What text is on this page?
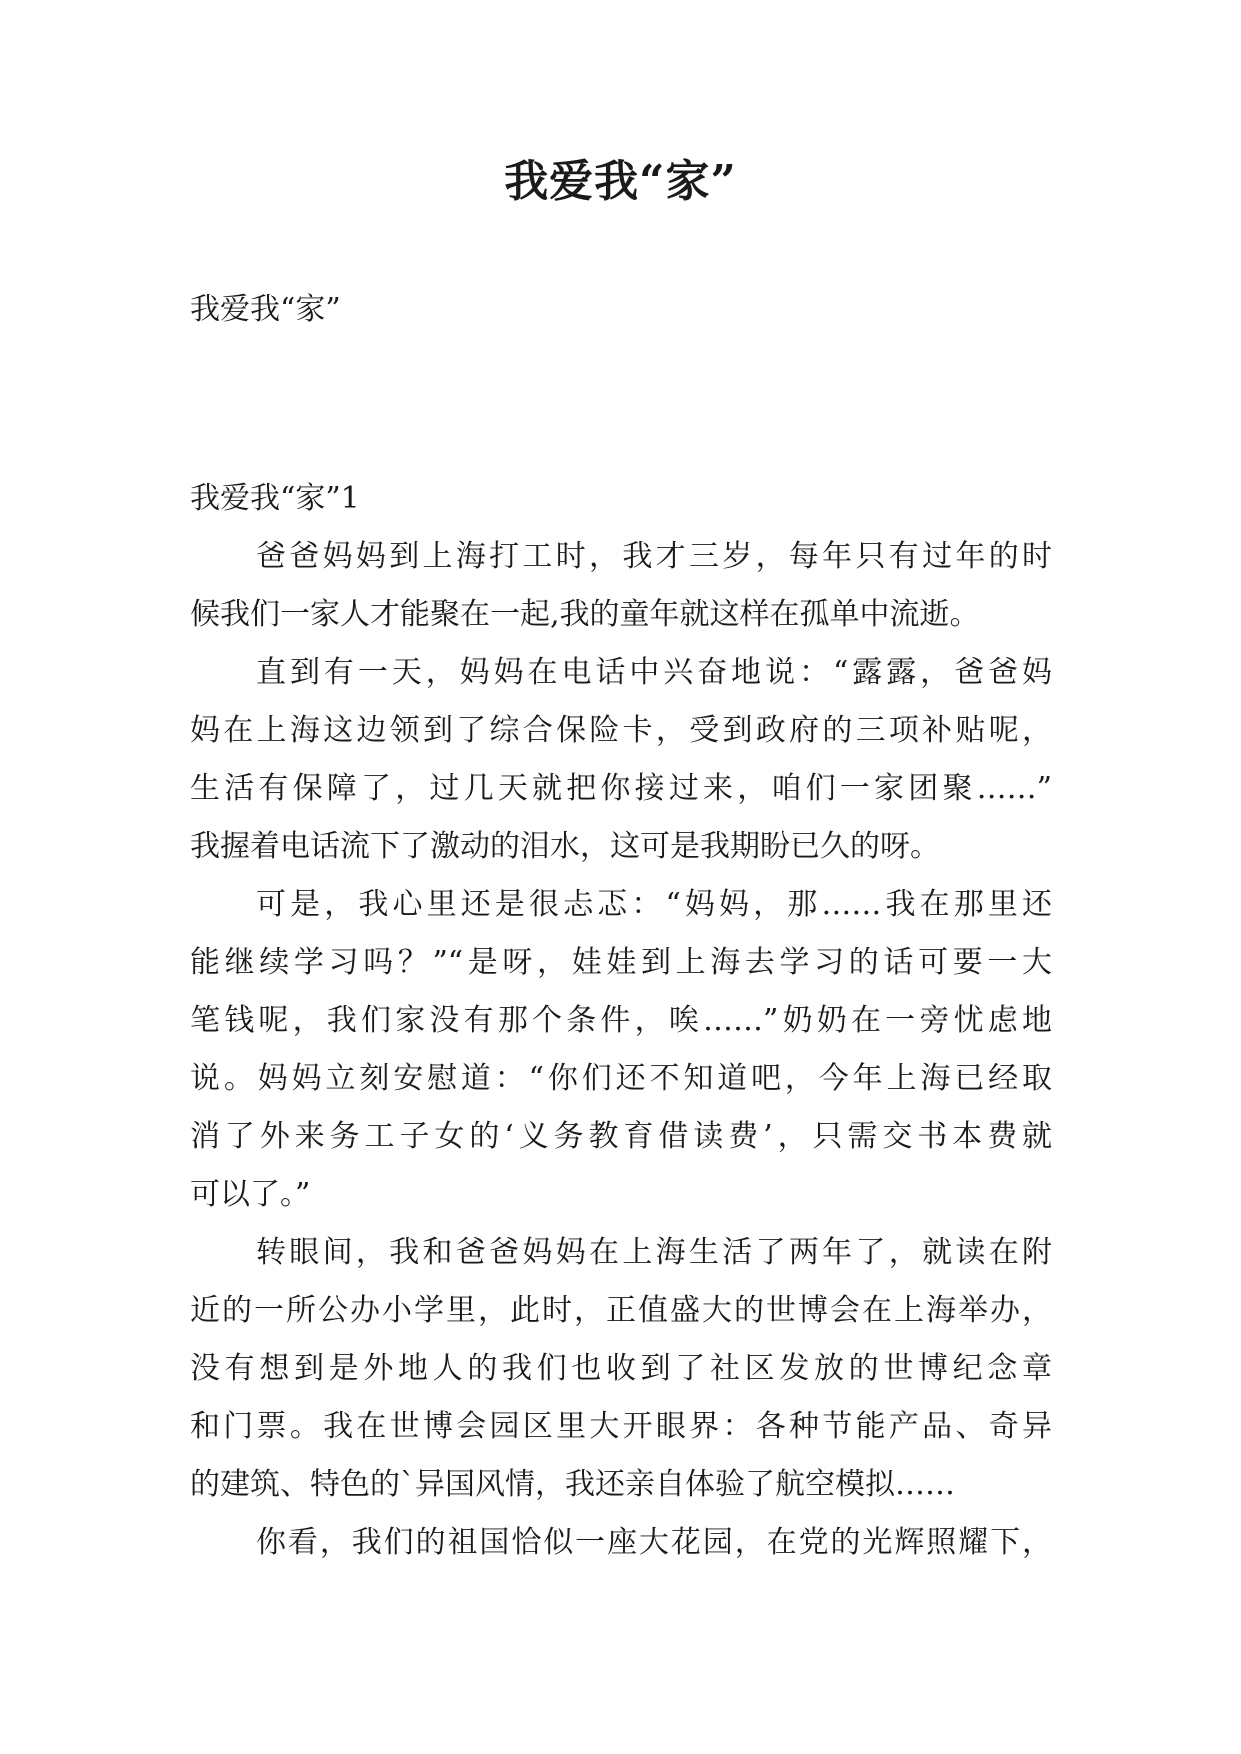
我爱我“家”

我爱我“家”

我爱我“家”1

爸爸妈妈到上海打工时，我才三岁，每年只有过年的时

候我们一家人才能聚在一起,我的童年就这样在孤单中流逝。

直到有一天，妈妈在电话中兴奋地说：“露露，爸爸妈

妈在上海这边领到了综合保险卡，受到政府的三项补贴呢，

生活有保障了，过几天就把你接过来，咱们一家团聚……”

我握着电话流下了激动的泪水，这可是我期盼已久的呀。

可是，我心里还是很忐忑：“妈妈，那……我在那里还

能继续学习吗？”“是呀，娃娃到上海去学习的话可要一大

笔钱呢，我们家没有那个条件，唉……”奶奶在一旁忧虑地

说。妈妈立刻安慰道：“你们还不知道吧，今年上海已经取

消了外来务工子女的‘义务教育借读费’，只需交书本费就

可以了。”

转眼间，我和爸爸妈妈在上海生活了两年了，就读在附

近的一所公办小学里，此时，正值盛大的世博会在上海举办，

没有想到是外地人的我们也收到了社区发放的世博纪念章

和门票。我在世博会园区里大开眼界：各种节能产品、奇异

的建筑、特色的`异国风情，我还亲自体验了航空模拟……

你看，我们的祖国恰似一座大花园，在党的光辉照耀下，
